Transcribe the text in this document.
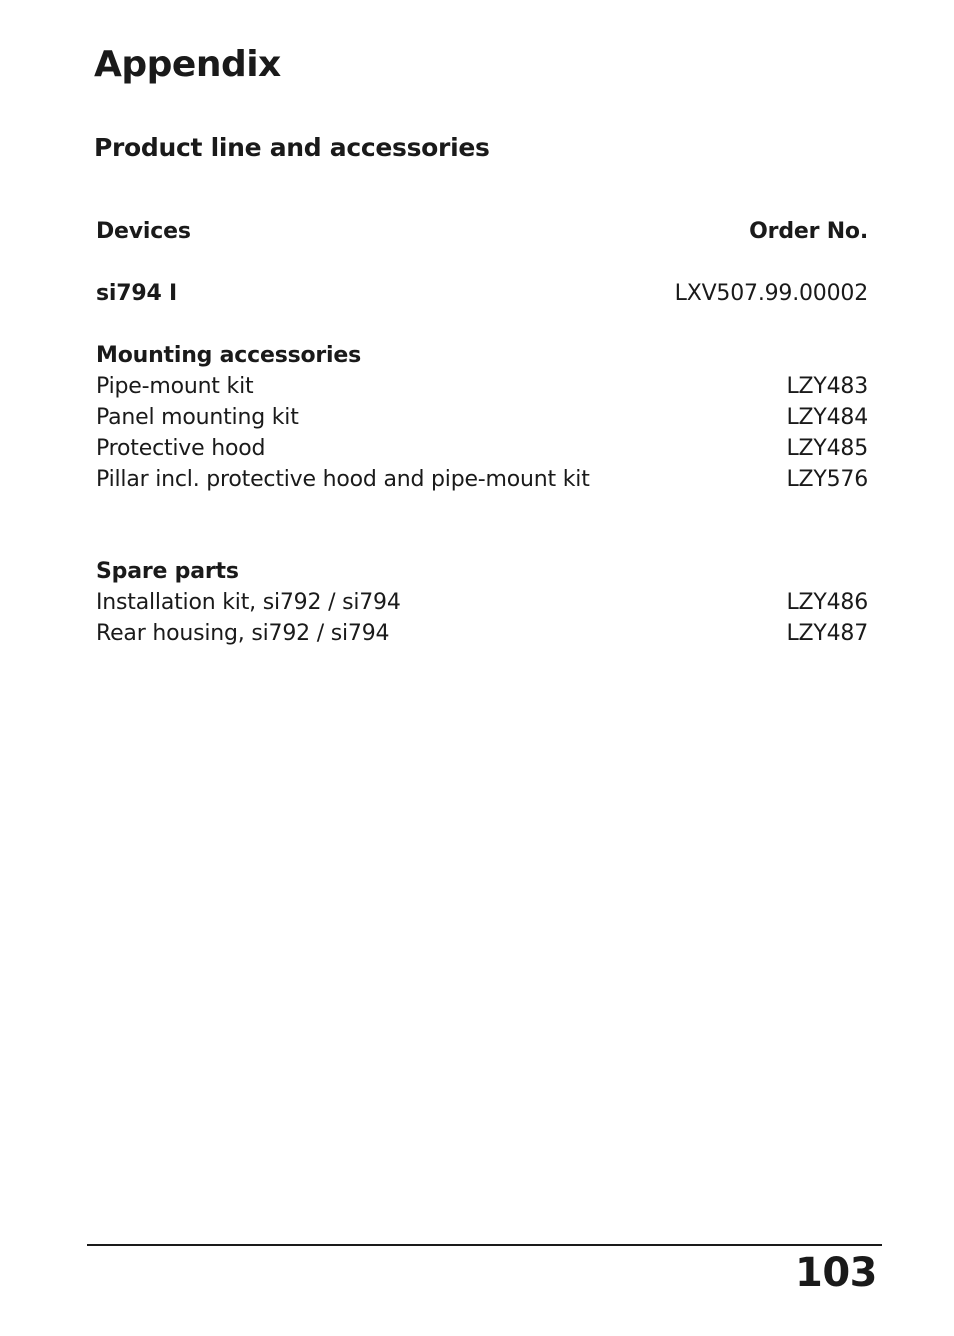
Appendix
Product line and accessories
Devices	Order No.
si794 I	LXV507.99.00002
Mounting accessories
Pipe-mount kit	LZY483
Panel mounting kit	LZY484
Protective hood	LZY485
Pillar incl. protective hood and pipe-mount kit	LZY576
Spare parts
Installation kit, si792 / si794	LZY486
Rear housing, si792 / si794	LZY487
103
